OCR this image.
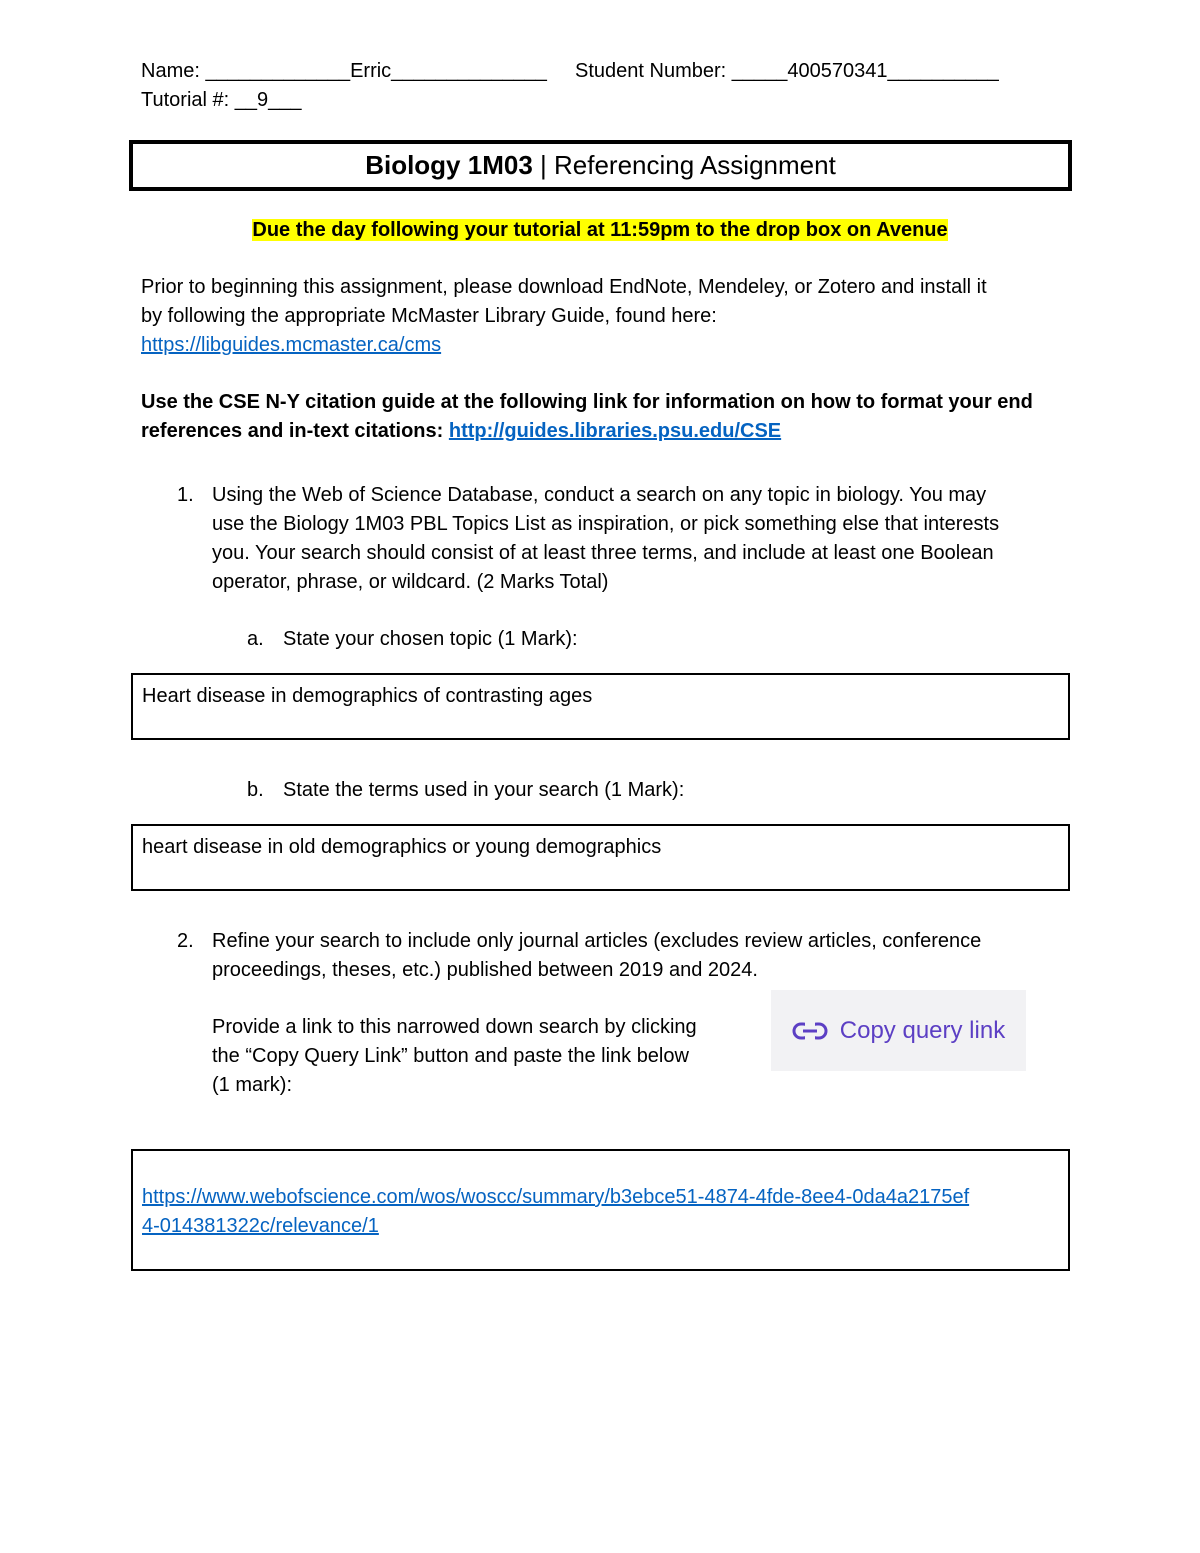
Name: _____________Erric______________ Student Number: _____400570341__________
Tutorial #: __9___
Biology 1M03 | Referencing Assignment
Due the day following your tutorial at 11:59pm to the drop box on Avenue
Prior to beginning this assignment, please download EndNote, Mendeley, or Zotero and install it
by following the appropriate McMaster Library Guide, found here:
https://libguides.mcmaster.ca/cms
Use the CSE N-Y citation guide at the following link for information on how to format your end
references and in-text citations: http://guides.libraries.psu.edu/CSE
1. Using the Web of Science Database, conduct a search on any topic in biology. You may
use the Biology 1M03 PBL Topics List as inspiration, or pick something else that interests
you. Your search should consist of at least three terms, and include at least one Boolean
operator, phrase, or wildcard. (2 Marks Total)
a. State your chosen topic (1 Mark):
Heart disease in demographics of contrasting ages
b. State the terms used in your search (1 Mark):
heart disease in old demographics or young demographics
2. Refine your search to include only journal articles (excludes review articles, conference
proceedings, theses, etc.) published between 2019 and 2024.
Provide a link to this narrowed down search by clicking
the “Copy Query Link” button and paste the link below
(1 mark):
Copy query link
https://www.webofscience.com/wos/woscc/summary/b3ebce51-4874-4fde-8ee4-0da4a2175ef
4-014381322c/relevance/1
